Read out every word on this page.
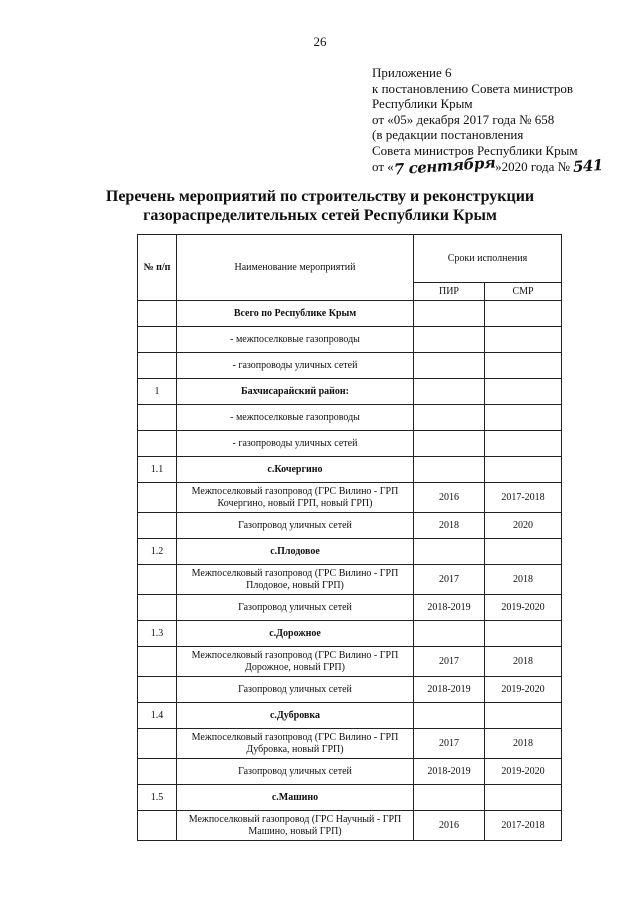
26
Приложение 6
к постановлению Совета министров
Республики Крым
от «05» декабря 2017 года № 658
(в редакции постановления
Совета министров Республики Крым
от «7 сентября»2020 года № 541
Перечень мероприятий по строительству и реконструкции
газораспределительных сетей Республики Крым
№ п/п	Наименование мероприятий	Сроки исполнения	
		ПИР	СМР
	Всего по Республике Крым		
	- межпоселковые газопроводы		
	- газопроводы уличных сетей		
1	Бахчисарайский район:		
	- межпоселковые газопроводы		
	- газопроводы уличных сетей		
1.1	с.Кочергино		
	Межпоселковый газопровод (ГРС Вилино - ГРП Кочергино, новый ГРП, новый ГРП)	2016	2017-2018
	Газопровод уличных сетей	2018	2020
1.2	с.Плодовое		
	Межпоселковый газопровод (ГРС Вилино - ГРП Плодовое, новый ГРП)	2017	2018
	Газопровод уличных сетей	2018-2019	2019-2020
1.3	с.Дорожное		
	Межпоселковый газопровод (ГРС Вилино - ГРП Дорожное, новый ГРП)	2017	2018
	Газопровод уличных сетей	2018-2019	2019-2020
1.4	с.Дубровка		
	Межпоселковый газопровод (ГРС Вилино - ГРП Дубровка, новый ГРП)	2017	2018
	Газопровод уличных сетей	2018-2019	2019-2020
1.5	с.Машино		
	Межпоселковый газопровод (ГРС Научный - ГРП Машино, новый ГРП)	2016	2017-2018
